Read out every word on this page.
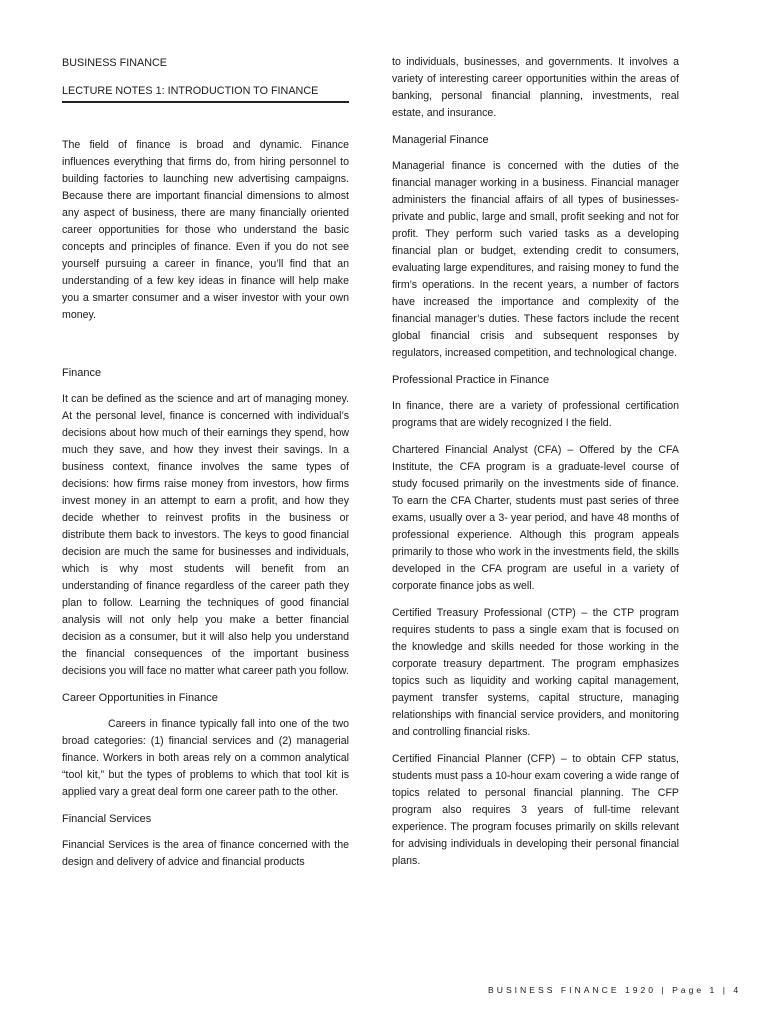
BUSINESS FINANCE

LECTURE NOTES 1: INTRODUCTION TO FINANCE

The field of finance is broad and dynamic. Finance influences everything that firms do, from hiring personnel to building factories to launching new advertising campaigns. Because there are important financial dimensions to almost any aspect of business, there are many financially oriented career opportunities for those who understand the basic concepts and principles of finance. Even if you do not see yourself pursuing a career in finance, you’ll find that an understanding of a few key ideas in finance will help make you a smarter consumer and a wiser investor with your own money.

Finance

It can be defined as the science and art of managing money. At the personal level, finance is concerned with individual’s decisions about how much of their earnings they spend, how much they save, and how they invest their savings. In a business context, finance involves the same types of decisions: how firms raise money from investors, how firms invest money in an attempt to earn a profit, and how they decide whether to reinvest profits in the business or distribute them back to investors. The keys to good financial decision are much the same for businesses and individuals, which is why most students will benefit from an understanding of finance regardless of the career path they plan to follow. Learning the techniques of good financial analysis will not only help you make a better financial decision as a consumer, but it will also help you understand the financial consequences of the important business decisions you will face no matter what career path you follow.

Career Opportunities in Finance

Careers in finance typically fall into one of the two broad categories: (1) financial services and (2) managerial finance. Workers in both areas rely on a common analytical “tool kit,” but the types of problems to which that tool kit is applied vary a great deal form one career path to the other.

Financial Services

Financial Services is the area of finance concerned with the design and delivery of advice and financial products

to individuals, businesses, and governments. It involves a variety of interesting career opportunities within the areas of banking, personal financial planning, investments, real estate, and insurance.

Managerial Finance

Managerial finance is concerned with the duties of the financial manager working in a business. Financial manager administers the financial affairs of all types of businesses- private and public, large and small, profit seeking and not for profit. They perform such varied tasks as a developing financial plan or budget, extending credit to consumers, evaluating large expenditures, and raising money to fund the firm’s operations. In the recent years, a number of factors have increased the importance and complexity of the financial manager’s duties. These factors include the recent global financial crisis and subsequent responses by regulators, increased competition, and technological change.

Professional Practice in Finance

In finance, there are a variety of professional certification programs that are widely recognized I the field.

Chartered Financial Analyst (CFA) – Offered by the CFA Institute, the CFA program is a graduate-level course of study focused primarily on the investments side of finance. To earn the CFA Charter, students must past series of three exams, usually over a 3- year period, and have 48 months of professional experience. Although this program appeals primarily to those who work in the investments field, the skills developed in the CFA program are useful in a variety of corporate finance jobs as well.

Certified Treasury Professional (CTP) – the CTP program requires students to pass a single exam that is focused on the knowledge and skills needed for those working in the corporate treasury department. The program emphasizes topics such as liquidity and working capital management, payment transfer systems, capital structure, managing relationships with financial service providers, and monitoring and controlling financial risks.

Certified Financial Planner (CFP) – to obtain CFP status, students must pass a 10-hour exam covering a wide range of topics related to personal financial planning. The CFP program also requires 3 years of full-time relevant experience. The program focuses primarily on skills relevant for advising individuals in developing their personal financial plans.

BUSINESS FINANCE 1920 | Page 1 | 4
